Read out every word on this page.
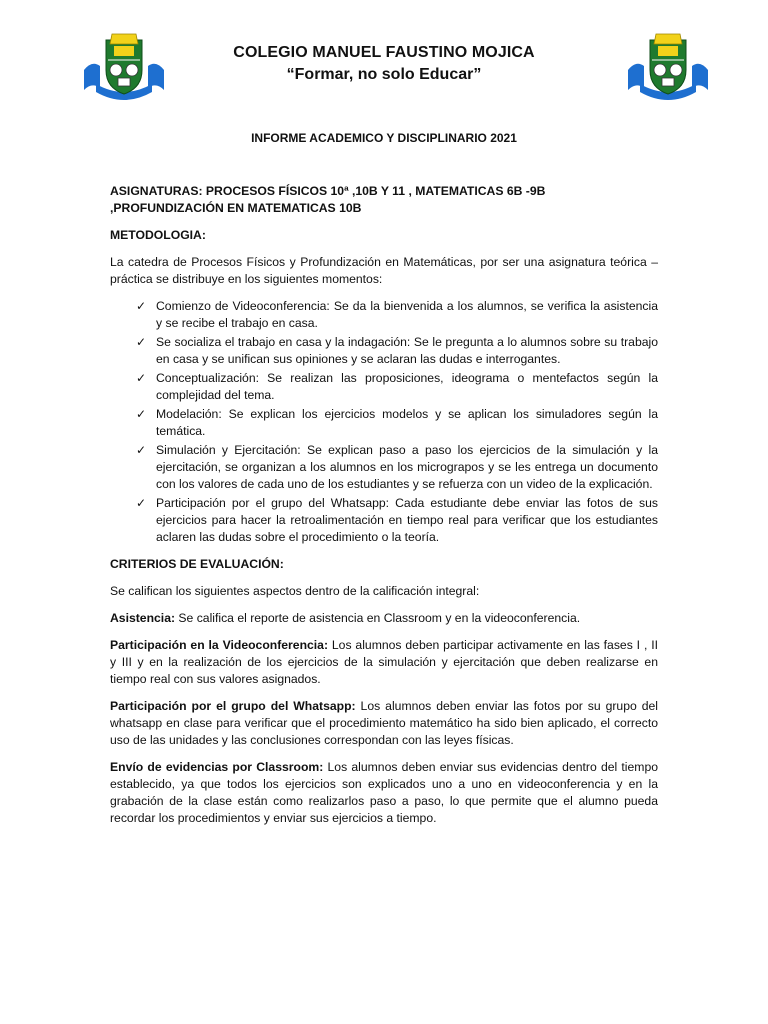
COLEGIO MANUEL FAUSTINO MOJICA
“Formar, no solo Educar”
INFORME ACADEMICO Y DISCIPLINARIO 2021
ASIGNATURAS: PROCESOS FÍSICOS 10ª ,10B Y 11 , MATEMATICAS 6B -9B ,PROFUNDIZACIÓN EN MATEMATICAS 10B
METODOLOGIA:

La catedra de Procesos Físicos y Profundización en Matemáticas, por ser una asignatura teórica –práctica se distribuye en los siguientes momentos:

✓ Comienzo de Videoconferencia: Se da la bienvenida a los alumnos, se verifica la asistencia y se recibe el trabajo en casa.
✓ Se socializa el trabajo en casa y la indagación: Se le pregunta a lo alumnos sobre su trabajo en casa y se unifican sus opiniones y se aclaran las dudas e interrogantes.
✓ Conceptualización: Se realizan las proposiciones, ideograma o mentefactos según la complejidad del tema.
✓ Modelación: Se explican los ejercicios modelos y se aplican los simuladores según la temática.
✓ Simulación y Ejercitación: Se explican paso a paso los ejercicios de la simulación y la ejercitación, se organizan a los alumnos en los micrograpos y se les entrega un documento con los valores de cada uno de los estudiantes y se refuerza con un video de la explicación.
✓ Participación por el grupo del Whatsapp: Cada estudiante debe enviar las fotos de sus ejercicios para hacer la retroalimentación en tiempo real para verificar que los estudiantes aclaren las dudas sobre el procedimiento o la teoría.
CRITERIOS DE EVALUACIÓN:

Se califican los siguientes aspectos dentro de la calificación integral:

Asistencia: Se califica el reporte de asistencia en Classroom y en la videoconferencia.

Participación en la Videoconferencia: Los alumnos deben participar activamente en las fases I , II y III y en la realización de los ejercicios de la simulación y ejercitación que deben realizarse en tiempo real con sus valores asignados.

Participación por el grupo del Whatsapp: Los alumnos deben enviar las fotos por su grupo del whatsapp en clase para verificar que el procedimiento matemático ha sido bien aplicado, el correcto uso de las unidades y las conclusiones correspondan con las leyes físicas.

Envío de evidencias por Classroom: Los alumnos deben enviar sus evidencias dentro del tiempo establecido, ya que todos los ejercicios son explicados uno a uno en videoconferencia y en la grabación de la clase están como realizarlos paso a paso, lo que permite que el alumno pueda recordar los procedimientos y enviar sus ejercicios a tiempo.
